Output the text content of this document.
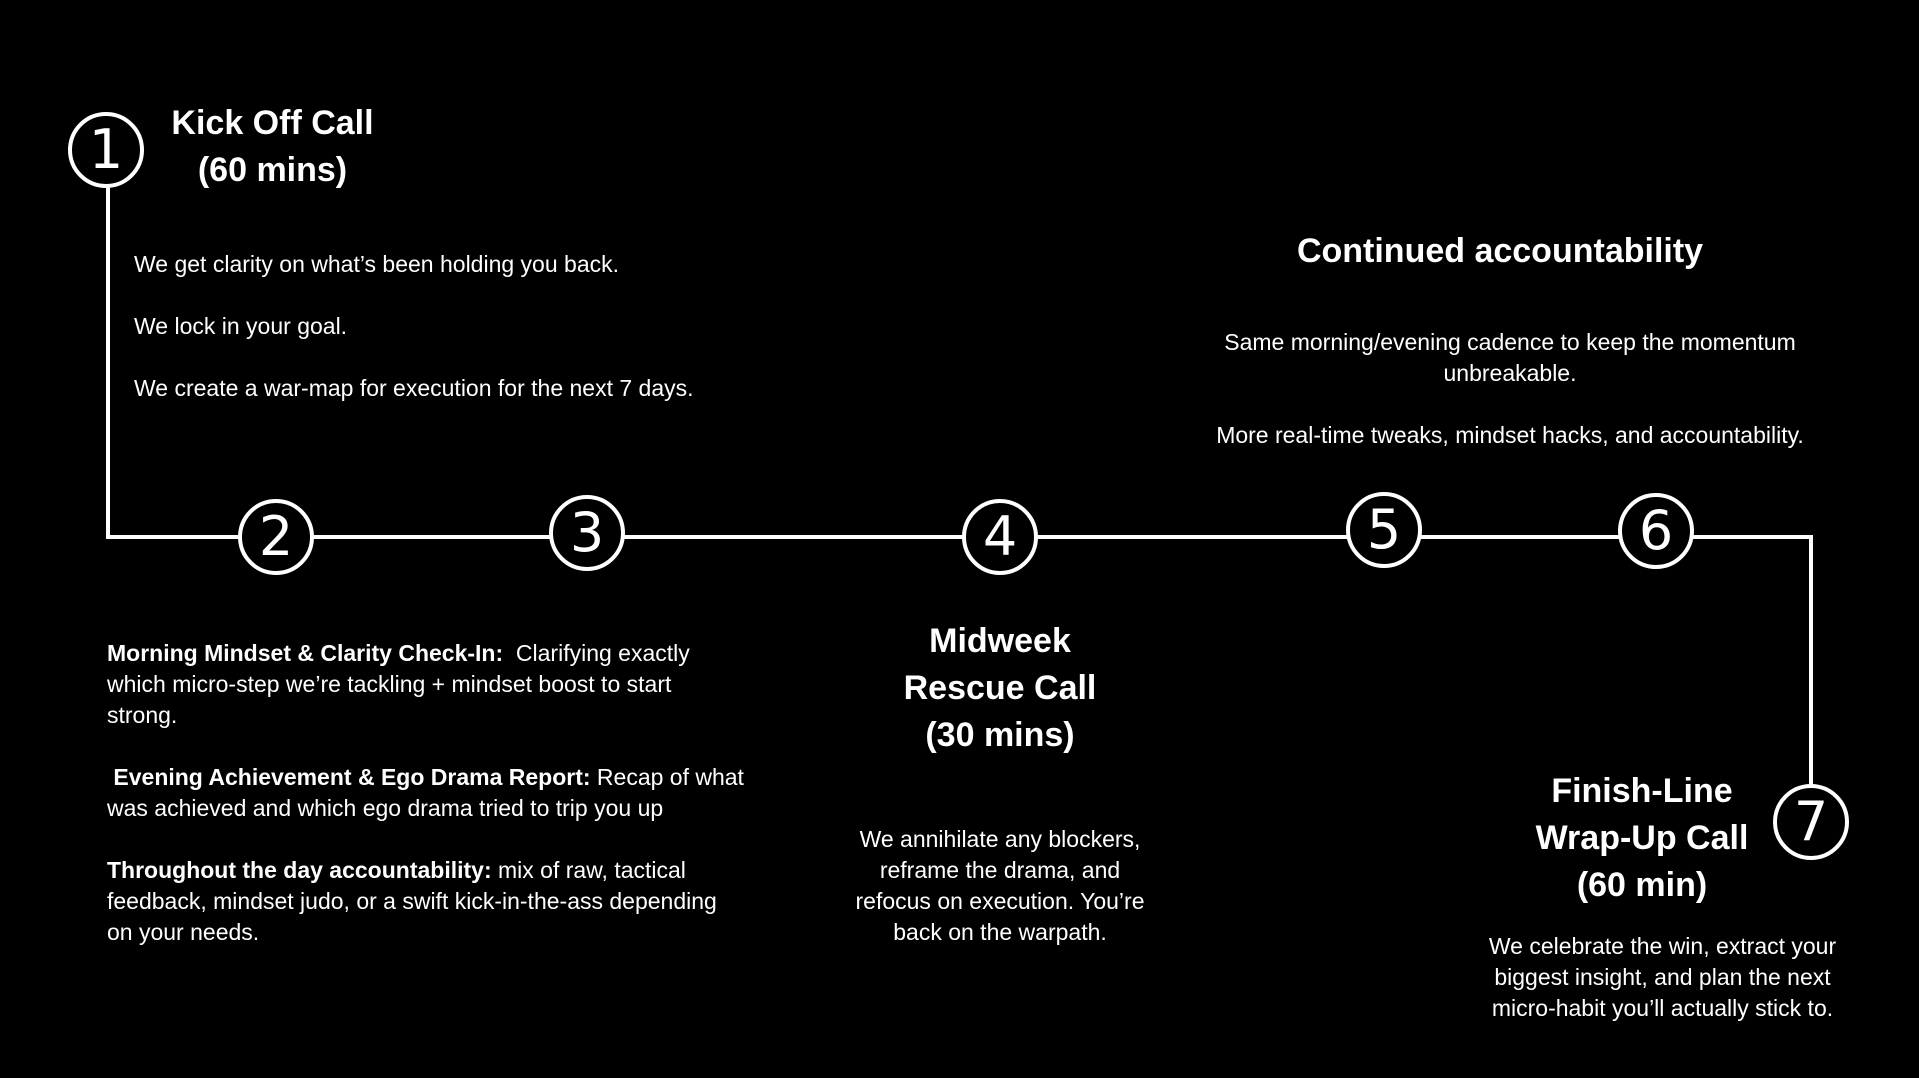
1
2	3	4	5	6
7
Kick Off Call
(60 mins)

We get clarity on what’s been holding you back.

We lock in your goal.

We create a war-map for execution for the next 7 days.

Continued accountability

Same morning/evening cadence to keep the momentum unbreakable.

More real-time tweaks, mindset hacks, and accountability.

Morning Mindset & Clarity Check-In: Clarifying exactly which micro-step we’re tackling + mindset boost to start strong.

Evening Achievement & Ego Drama Report: Recap of what was achieved and which ego drama tried to trip you up

Throughout the day accountability: mix of raw, tactical feedback, mindset judo, or a swift kick-in-the-ass depending on your needs.

Midweek
Rescue Call
(30 mins)
We annihilate any blockers, reframe the drama, and refocus on execution. You’re back on the warpath.
Finish-Line
Wrap-Up Call
(60 min)
We celebrate the win, extract your biggest insight, and plan the next micro-habit you’ll actually stick to.
